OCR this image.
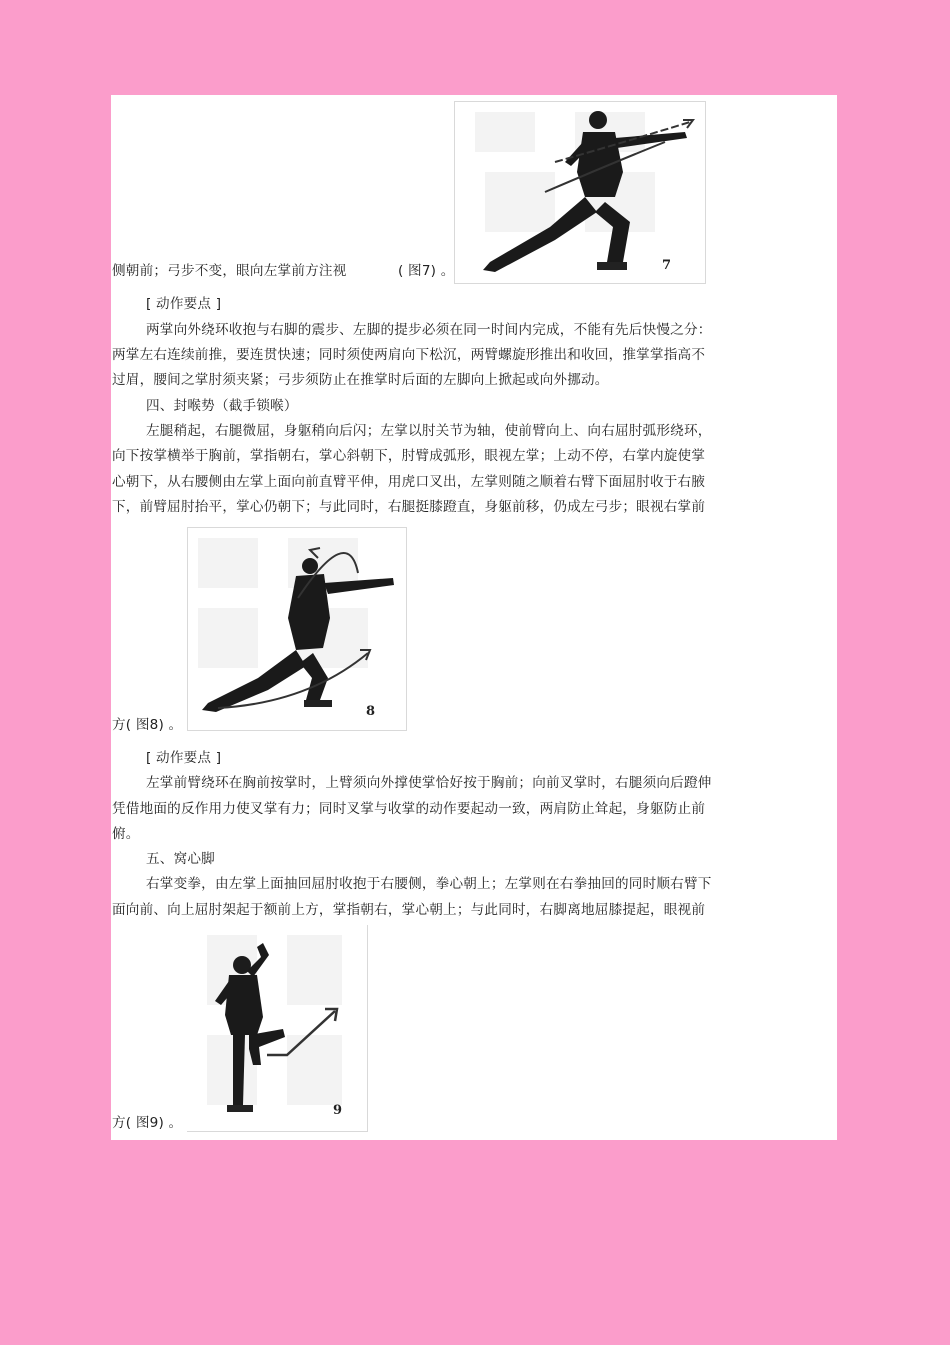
7
侧朝前；弓步不变，眼向左掌前方注视	( 图7) 。
[ 动作要点 ]
两掌向外绕环收抱与右脚的震步、左脚的提步必须在同一时间内完成，不能有先后快慢之分：
两掌左右连续前推，要连贯快速；同时须使两肩向下松沉，两臂螺旋形推出和收回，推掌掌指高不
过眉，腰间之掌肘须夹紧；弓步须防止在推掌时后面的左脚向上掀起或向外挪动。
四、封喉势（截手锁喉）
左腿稍起，右腿微屈，身躯稍向后闪；左掌以肘关节为轴，使前臂向上、向右屈肘弧形绕环，
向下按掌横举于胸前，掌指朝右，掌心斜朝下，肘臂成弧形，眼视左掌；上动不停，右掌内旋使掌
心朝下，从右腰侧由左掌上面向前直臂平伸，用虎口叉出，左掌则随之顺着右臂下面屈肘收于右腋
下，前臂屈肘抬平，掌心仍朝下；与此同时，右腿挺膝蹬直，身躯前移，仍成左弓步；眼视右掌前
8
方( 图8) 。
[ 动作要点 ]
左掌前臂绕环在胸前按掌时，上臂须向外撑使掌恰好按于胸前；向前叉掌时，右腿须向后蹬伸
凭借地面的反作用力使叉掌有力；同时叉掌与收掌的动作要起动一致，两肩防止耸起，身躯防止前
俯。
五、窝心脚
右掌变拳，由左掌上面抽回屈肘收抱于右腰侧，拳心朝上；左掌则在右拳抽回的同时顺右臂下
面向前、向上屈肘架起于额前上方，掌指朝右，掌心朝上；与此同时，右脚离地屈膝提起，眼视前
9
方( 图9) 。
